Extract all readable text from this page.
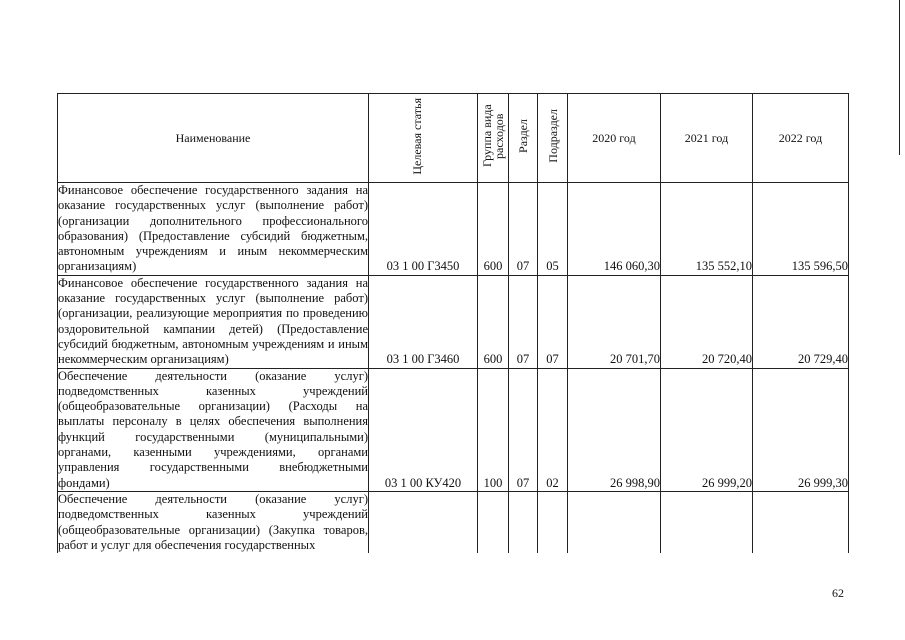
Наименование	Целевая статья	Группа вида расходов	Раздел	Подраздел	2020 год	2021 год	2022 год
Финансовое обеспечение государственного задания на оказание государственных услуг (выполнение работ) (организации дополнительного профессионального образования) (Предоставление субсидий бюджетным, автономным учреждениям и иным некоммерческим организациям)	03 1 00 Г3450	600	07	05	146 060,30	135 552,10	135 596,50
Финансовое обеспечение государственного задания на оказание государственных услуг (выполнение работ) (организации, реализующие мероприятия по проведению оздоровительной кампании детей) (Предоставление субсидий бюджетным, автономным учреждениям и иным некоммерческим организациям)	03 1 00 Г3460	600	07	07	20 701,70	20 720,40	20 729,40
Обеспечение деятельности (оказание услуг) подведомственных казенных учреждений (общеобразовательные организации) (Расходы на выплаты персоналу в целях обеспечения выполнения функций государственными (муниципальными) органами, казенными учреждениями, органами управления государственными внебюджетными фондами)	03 1 00 КУ420	100	07	02	26 998,90	26 999,20	26 999,30
Обеспечение деятельности (оказание услуг) подведомственных казенных учреждений (общеобразовательные организации) (Закупка товаров, работ и услуг для обеспечения государственных							
62
